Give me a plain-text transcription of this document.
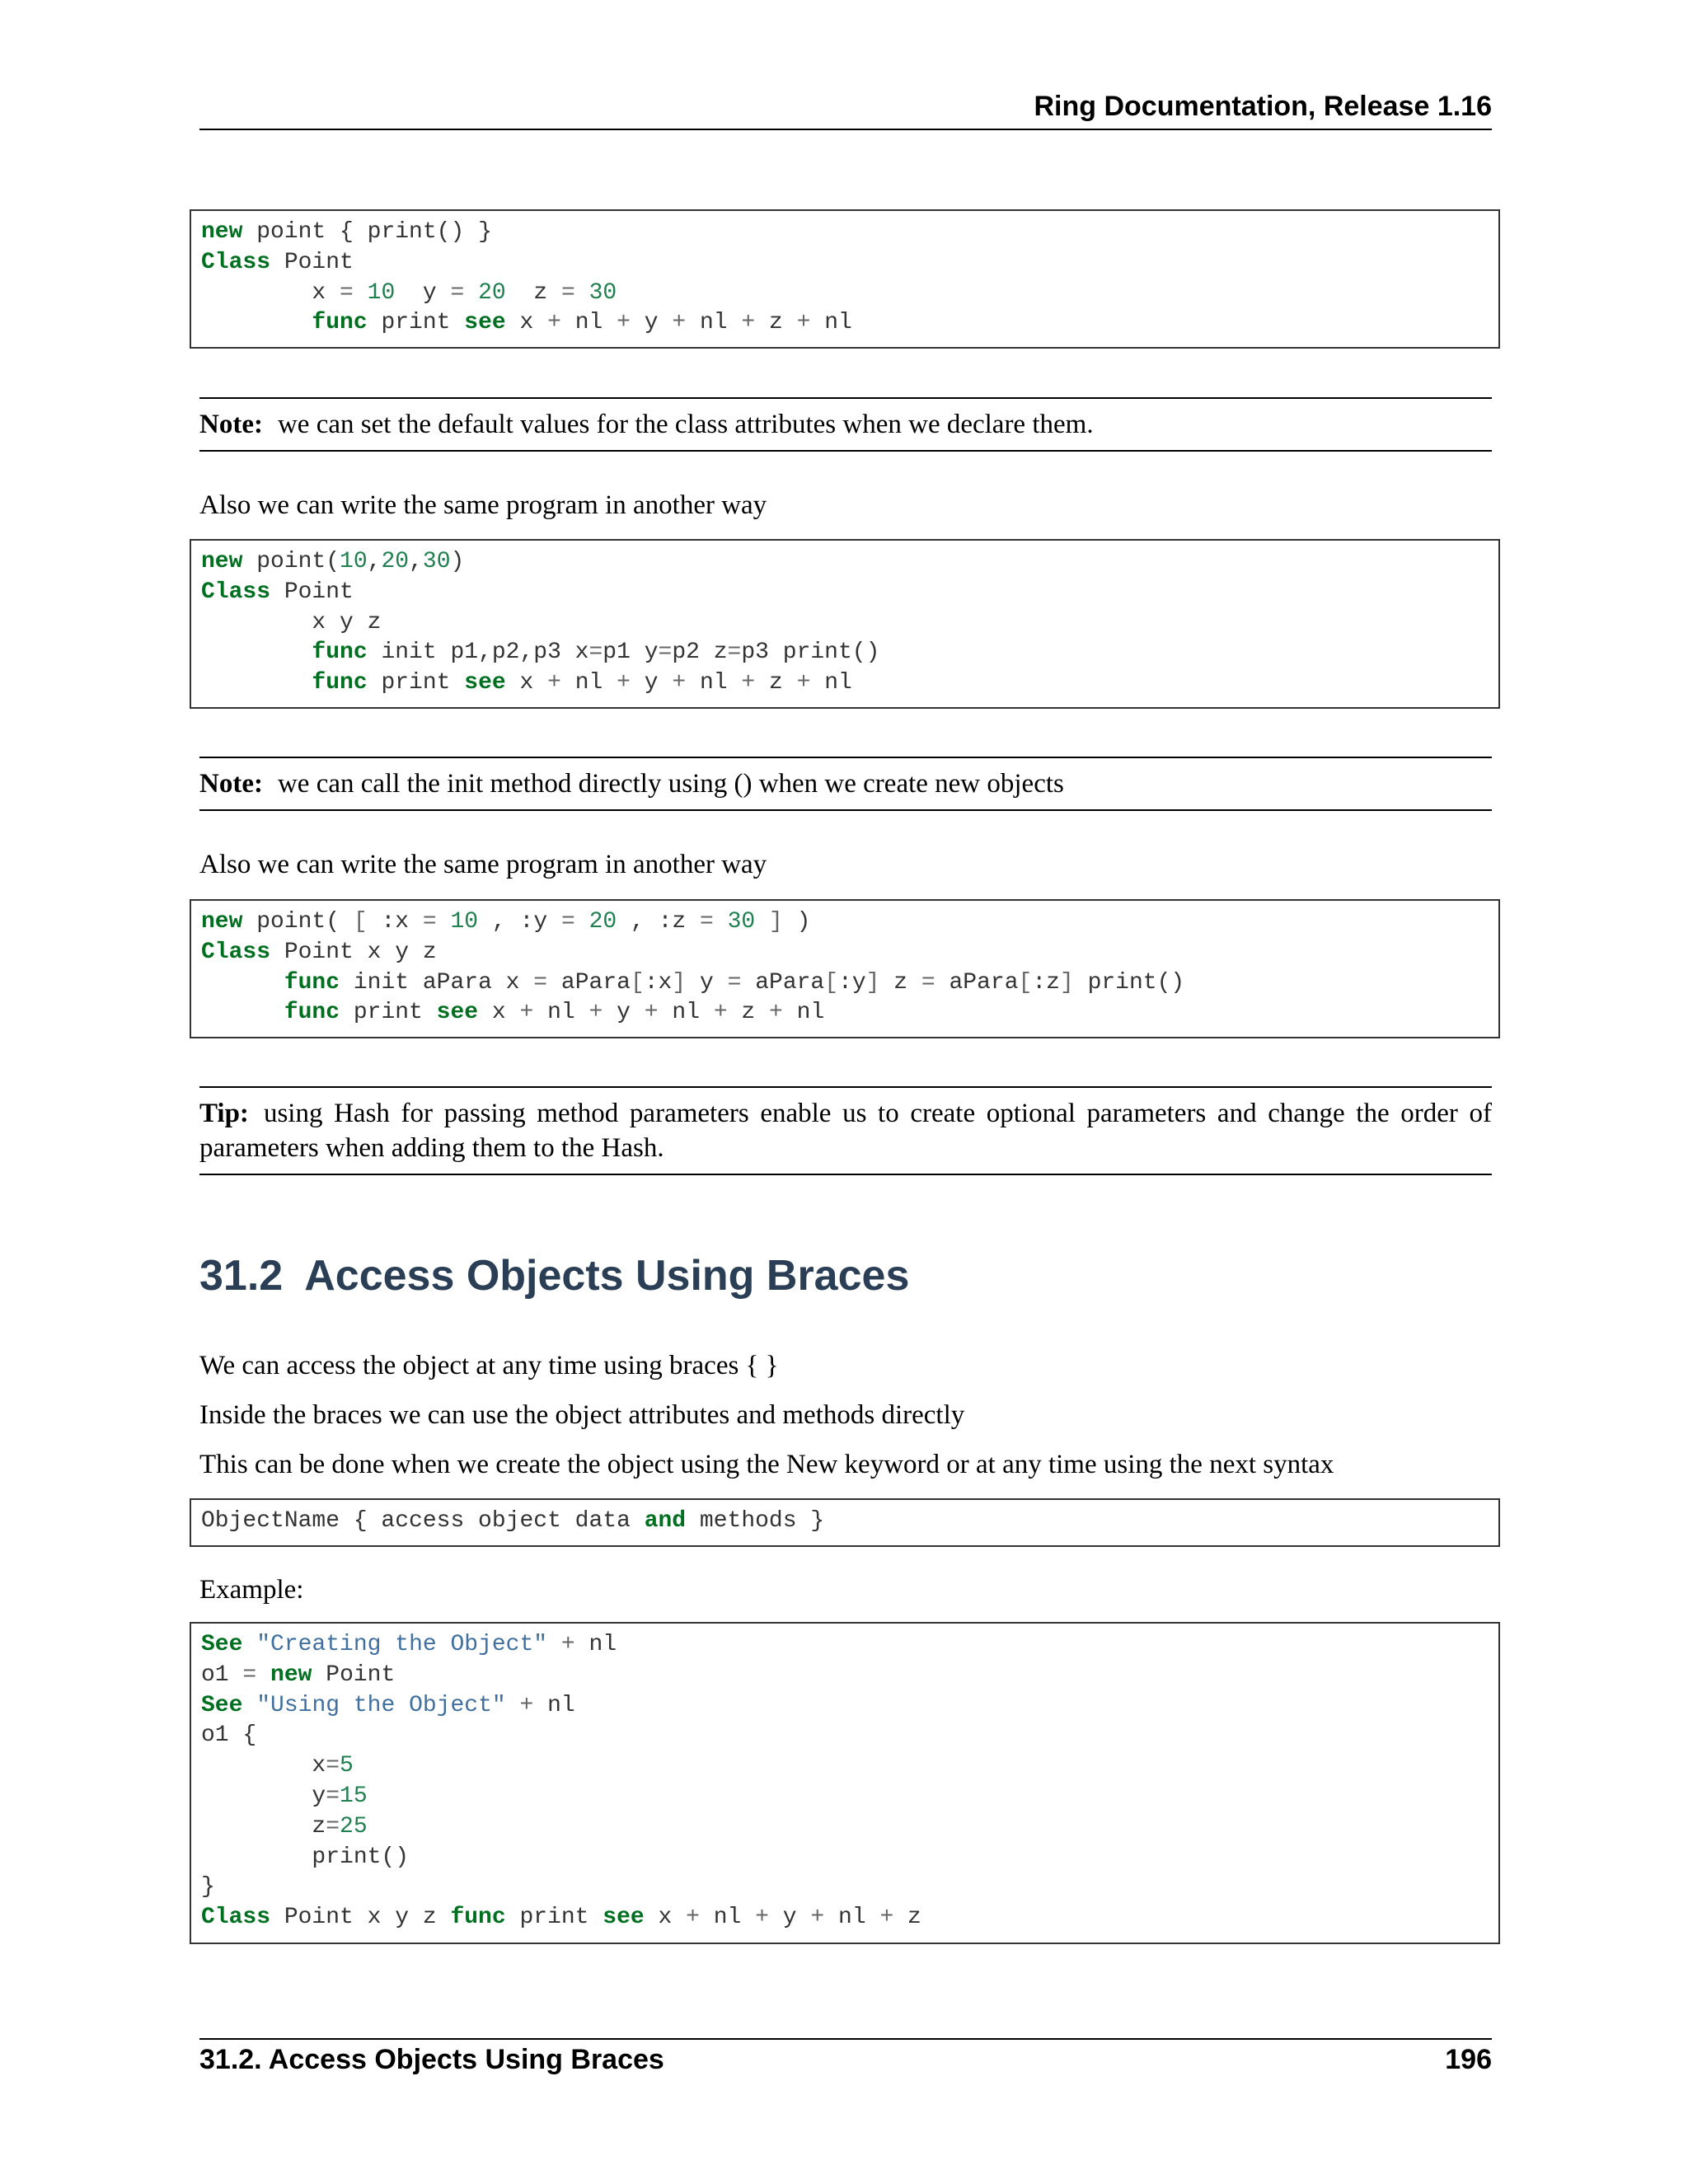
Ring Documentation, Release 1.16
new point { print() }
Class Point
x = 10  y = 20  z = 30
func print see x + nl + y + nl + z + nl
Note: we can set the default values for the class attributes when we declare them.
Also we can write the same program in another way
new point(10,20,30)
Class Point
x y z
func init p1,p2,p3 x=p1 y=p2 z=p3 print()
func print see x + nl + y + nl + z + nl
Note: we can call the init method directly using () when we create new objects
Also we can write the same program in another way
new point( [ :x = 10 , :y = 20 , :z = 30 ] )
Class Point x y z
func init aPara x = aPara[:x] y = aPara[:y] z = aPara[:z] print()
func print see x + nl + y + nl + z + nl
Tip: using Hash for passing method parameters enable us to create optional parameters and change the order of parameters when adding them to the Hash.
31.2 Access Objects Using Braces
We can access the object at any time using braces { }
Inside the braces we can use the object attributes and methods directly
This can be done when we create the object using the New keyword or at any time using the next syntax
ObjectName { access object data and methods }
Example:
See "Creating the Object" + nl
o1 = new Point
See "Using the Object" + nl
o1 {
x=5
y=15
z=25
print()
}
Class Point x y z func print see x + nl + y + nl + z
31.2. Access Objects Using Braces	196
